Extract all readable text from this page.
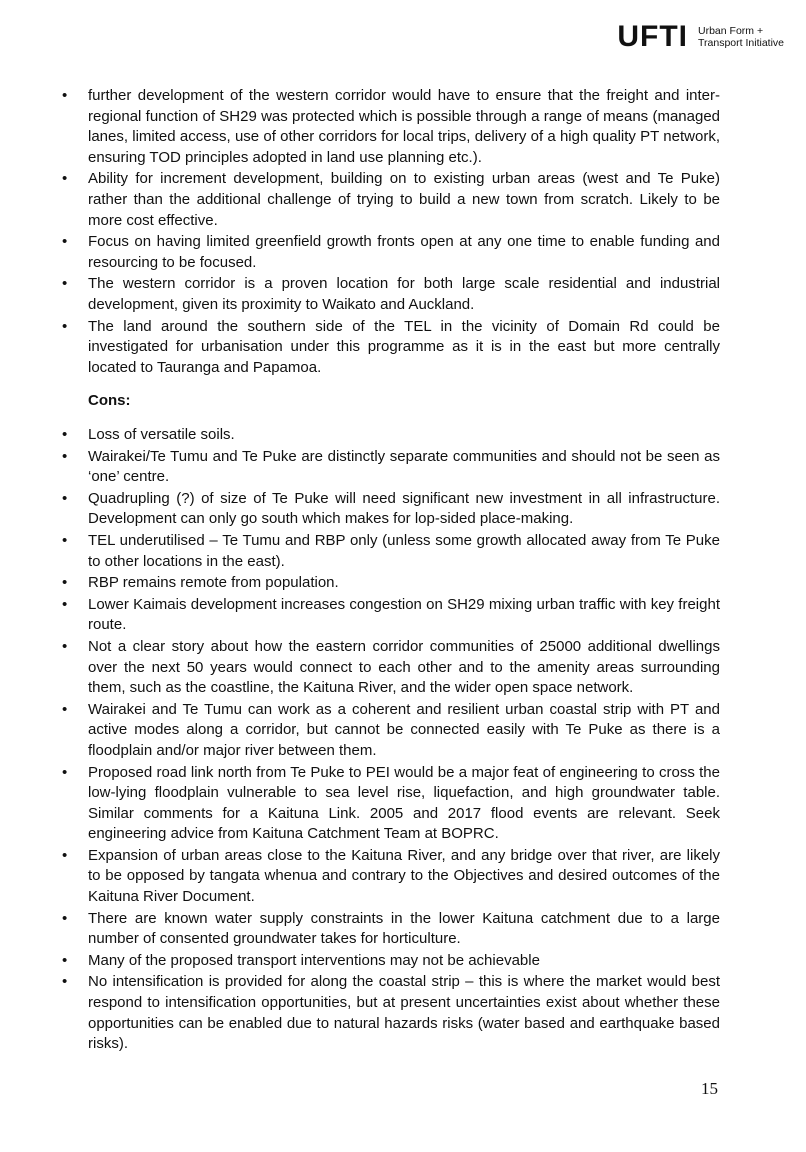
UFTI Urban Form +
Transport Initiative
• further development of the western corridor would have to ensure that the freight and inter-regional function of SH29 was protected which is possible through a range of means (managed lanes, limited access, use of other corridors for local trips, delivery of a high quality PT network, ensuring TOD principles adopted in land use planning etc.).
• Ability for increment development, building on to existing urban areas (west and Te Puke) rather than the additional challenge of trying to build a new town from scratch. Likely to be more cost effective.
• Focus on having limited greenfield growth fronts open at any one time to enable funding and resourcing to be focused.
• The western corridor is a proven location for both large scale residential and industrial development, given its proximity to Waikato and Auckland.
• The land around the southern side of the TEL in the vicinity of Domain Rd could be investigated for urbanisation under this programme as it is in the east but more centrally located to Tauranga and Papamoa.

Cons:

• Loss of versatile soils.
• Wairakei/Te Tumu and Te Puke are distinctly separate communities and should not be seen as ‘one’ centre.
• Quadrupling (?) of size of Te Puke will need significant new investment in all infrastructure. Development can only go south which makes for lop-sided place-making.
• TEL underutilised – Te Tumu and RBP only (unless some growth allocated away from Te Puke to other locations in the east).
• RBP remains remote from population.
• Lower Kaimais development increases congestion on SH29 mixing urban traffic with key freight route.
• Not a clear story about how the eastern corridor communities of 25000 additional dwellings over the next 50 years would connect to each other and to the amenity areas surrounding them, such as the coastline, the Kaituna River, and the wider open space network.
• Wairakei and Te Tumu can work as a coherent and resilient urban coastal strip with PT and active modes along a corridor, but cannot be connected easily with Te Puke as there is a floodplain and/or major river between them.
• Proposed road link north from Te Puke to PEI would be a major feat of engineering to cross the low-lying floodplain vulnerable to sea level rise, liquefaction, and high groundwater table. Similar comments for a Kaituna Link. 2005 and 2017 flood events are relevant. Seek engineering advice from Kaituna Catchment Team at BOPRC.
• Expansion of urban areas close to the Kaituna River, and any bridge over that river, are likely to be opposed by tangata whenua and contrary to the Objectives and desired outcomes of the Kaituna River Document.
• There are known water supply constraints in the lower Kaituna catchment due to a large number of consented groundwater takes for horticulture.
• Many of the proposed transport interventions may not be achievable
• No intensification is provided for along the coastal strip – this is where the market would best respond to intensification opportunities, but at present uncertainties exist about whether these opportunities can be enabled due to natural hazards risks (water based and earthquake based risks).
15
